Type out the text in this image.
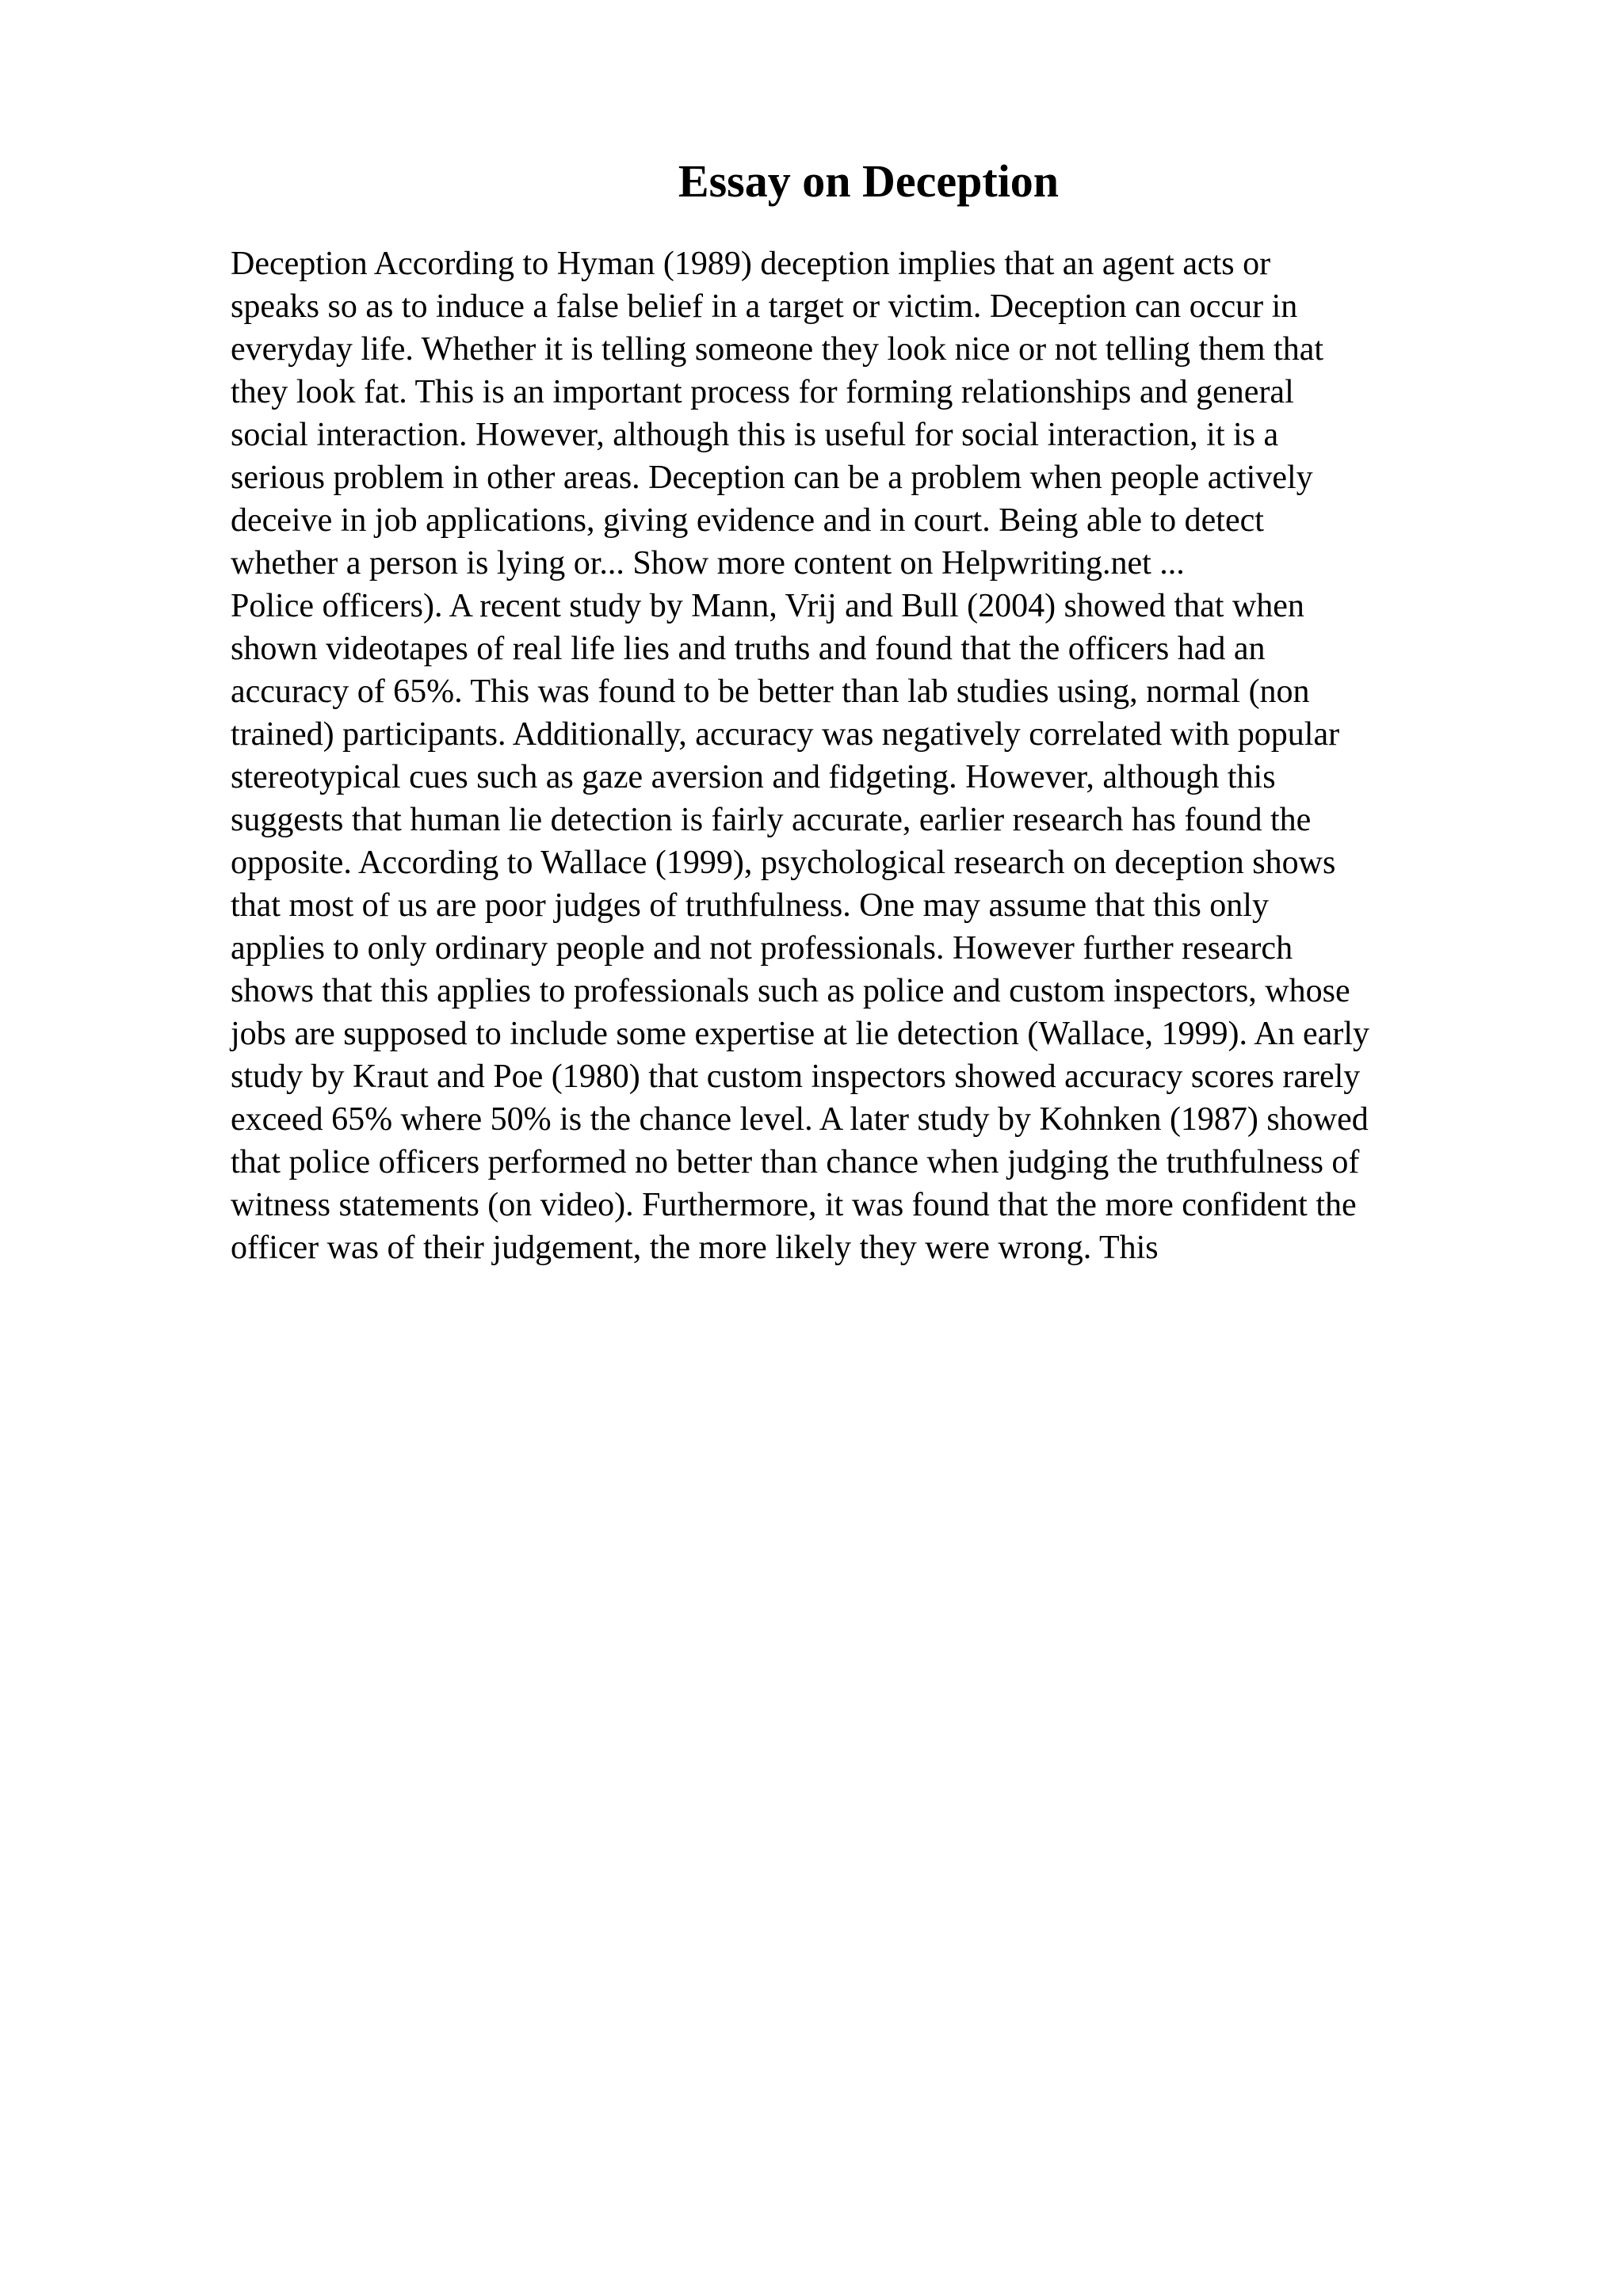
Essay on Deception
Deception According to Hyman (1989) deception implies that an agent acts or
speaks so as to induce a false belief in a target or victim. Deception can occur in
everyday life. Whether it is telling someone they look nice or not telling them that
they look fat. This is an important process for forming relationships and general
social interaction. However, although this is useful for social interaction, it is a
serious problem in other areas. Deception can be a problem when people actively
deceive in job applications, giving evidence and in court. Being able to detect
whether a person is lying or... Show more content on Helpwriting.net ...
Police officers). A recent study by Mann, Vrij and Bull (2004) showed that when
shown videotapes of real life lies and truths and found that the officers had an
accuracy of 65%. This was found to be better than lab studies using, normal (non
trained) participants. Additionally, accuracy was negatively correlated with popular
stereotypical cues such as gaze aversion and fidgeting. However, although this
suggests that human lie detection is fairly accurate, earlier research has found the
opposite. According to Wallace (1999), psychological research on deception shows
that most of us are poor judges of truthfulness. One may assume that this only
applies to only ordinary people and not professionals. However further research
shows that this applies to professionals such as police and custom inspectors, whose
jobs are supposed to include some expertise at lie detection (Wallace, 1999). An early
study by Kraut and Poe (1980) that custom inspectors showed accuracy scores rarely
exceed 65% where 50% is the chance level. A later study by Kohnken (1987) showed
that police officers performed no better than chance when judging the truthfulness of
witness statements (on video). Furthermore, it was found that the more confident the
officer was of their judgement, the more likely they were wrong. This
